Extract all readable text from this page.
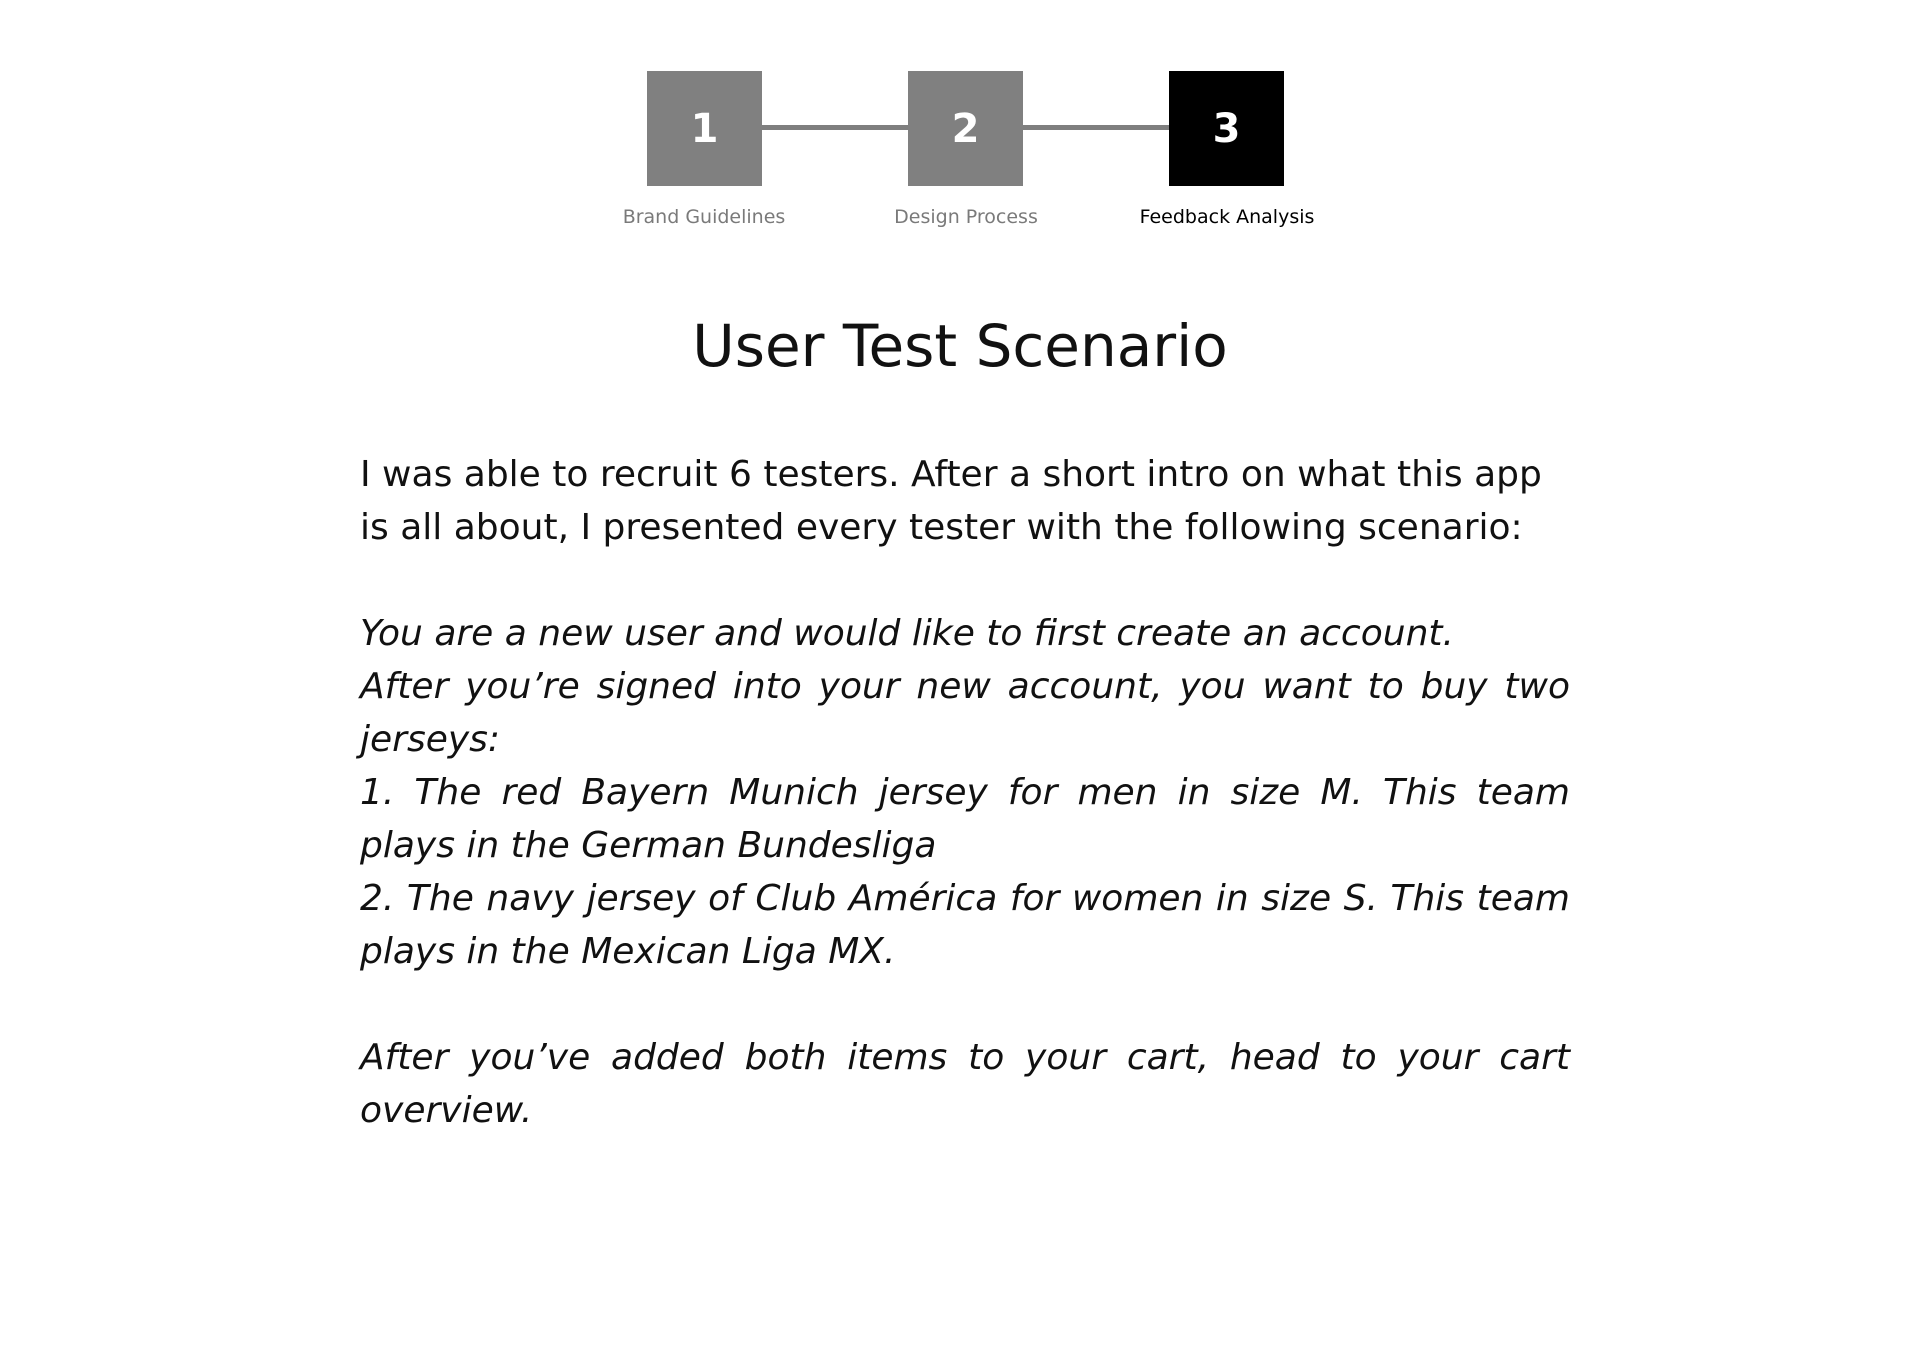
1	2	3
Brand Guidelines	Design Process	Feedback Analysis
User Test Scenario

I was able to recruit 6 testers. After a short intro on what this app is all about, I presented every tester with the following scenario:

You are a new user and would like to first create an account.

After you’re signed into your new account, you want to buy two jerseys:

1. The red Bayern Munich jersey for men in size M. This team plays in the German Bundesliga

2. The navy jersey of Club América for women in size S. This team plays in the Mexican Liga MX.

After you’ve added both items to your cart, head to your cart overview.
